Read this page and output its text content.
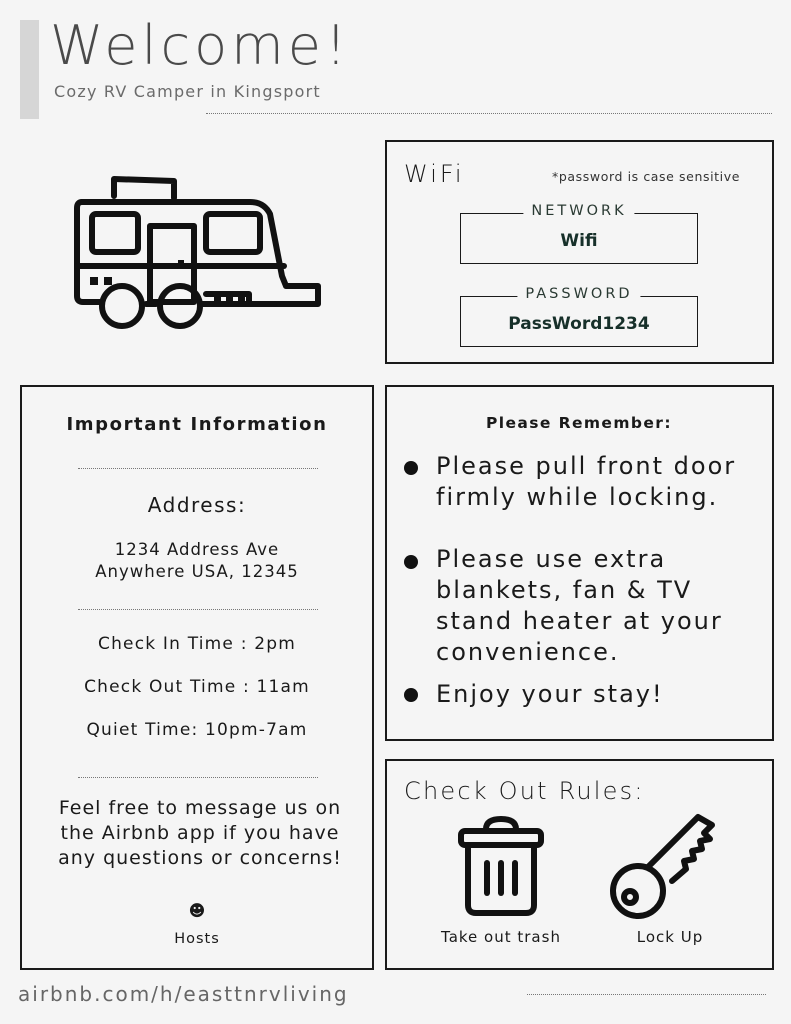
Welcome!
Cozy RV Camper in Kingsport
WiFi	*password is case sensitive
NETWORK
Wifi
PASSWORD
PassWord1234
Important Information
Address:
1234 Address Ave
Anywhere USA, 12345
Check In Time : 2pm
Check Out Time : 11am
Quiet Time: 10pm-7am
Feel free to message us on the Airbnb app if you have any questions or concerns!
☻
Hosts
Please Remember:
Please pull front door firmly while locking.
Please use extra blankets, fan & TV stand heater at your convenience.
Enjoy your stay!
Check Out Rules:
Take out trash	Lock Up
airbnb.com/h/easttnrvliving
